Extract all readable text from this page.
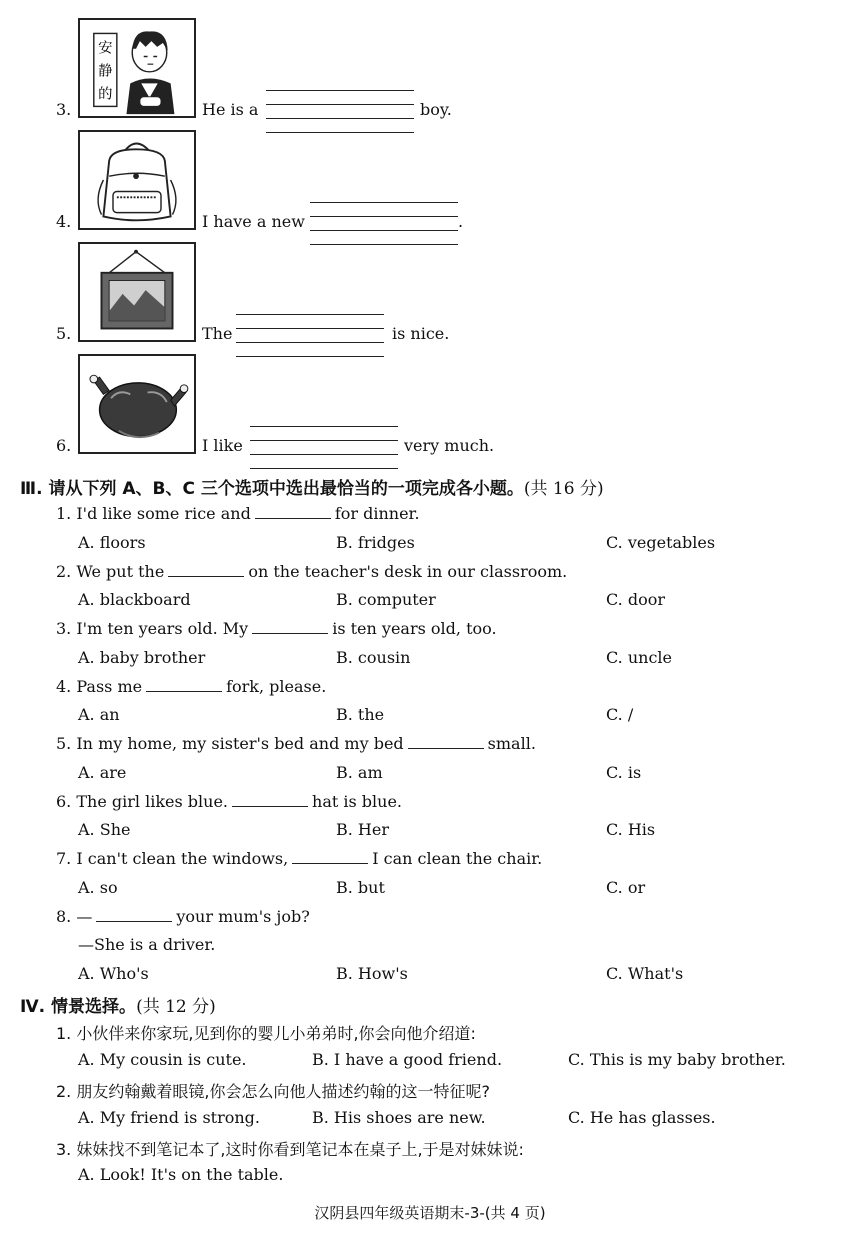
安
静
的
3.	He is a	boy.
4.	I have a new	.
5.	The	is nice.
6.	I like	very much.
Ⅲ. 请从下列 A、B、C 三个选项中选出最恰当的一项完成各小题。(共 16 分)
1. I'd like some rice and	for dinner.
A. floors	B. fridges	C. vegetables
2. We put the	on the teacher's desk in our classroom.
A. blackboard	B. computer	C. door
3. I'm ten years old. My	is ten years old, too.
A. baby brother	B. cousin	C. uncle
4. Pass me	fork, please.
A. an	B. the	C. /
5. In my home, my sister's bed and my bed	small.
A. are	B. am	C. is
6. The girl likes blue.	hat is blue.
A. She	B. Her	C. His
7. I can't clean the windows,	I can clean the chair.
A. so	B. but	C. or
8. —	your mum's job?
—She is a driver.
A. Who's	B. How's	C. What's
Ⅳ. 情景选择。(共 12 分)
1. 小伙伴来你家玩,见到你的婴儿小弟弟时,你会向他介绍道:
A. My cousin is cute.	B. I have a good friend.	C. This is my baby brother.
2. 朋友约翰戴着眼镜,你会怎么向他人描述约翰的这一特征呢?
A. My friend is strong.	B. His shoes are new.	C. He has glasses.
3. 妹妹找不到笔记本了,这时你看到笔记本在桌子上,于是对妹妹说:
A. Look! It's on the table.
汉阴县四年级英语期末-3-(共 4 页)
